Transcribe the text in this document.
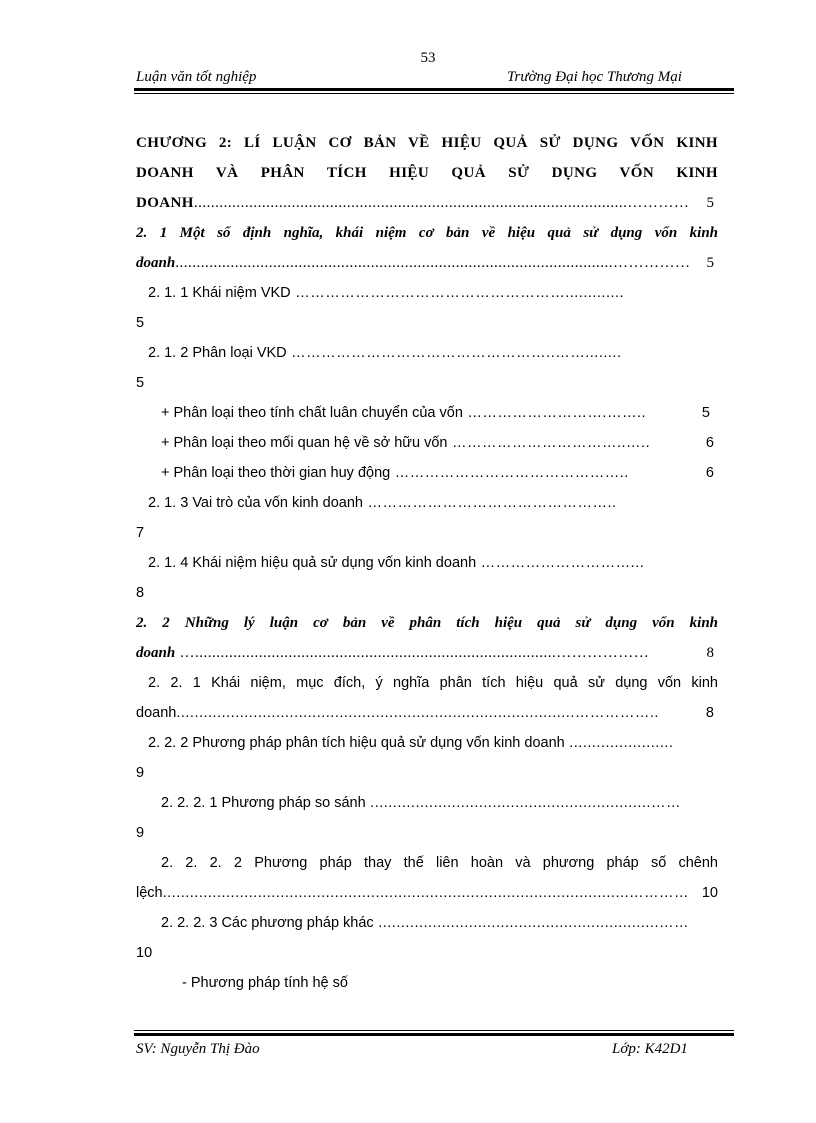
53
Luận văn tốt nghiệp	Trường Đại học Thương Mại
CHƯƠNG 2: LÍ LUẬN CƠ BẢN VỀ HIỆU QUẢ SỬ DỤNG VỐN KINH
DOANH VÀ PHÂN TÍCH HIỆU QUẢ SỬ DỤNG VỐN KINH
DOANH......................................................................................................………… 5
2. 1 Một số định nghĩa, khái niệm cơ bản về hiệu quả sử dụng vốn kinh
doanh.......................................................................................................…………… 5
2. 1. 1 Khái niệm VKD ……………………………………………….............
5
2. 1. 2 Phân loại VKD ……………………………………………..……........
5
+ Phân loại theo tính chất luân chuyển của vốn ……………………….……..	5
+ Phân loại theo mối quan hệ về sở hữu vốn ……………………………..…..	6
+ Phân loại theo thời gian huy động ………………………………………..	6
2. 1. 3 Vai trò của vốn kinh doanh …………………………………………..
7
2. 1. 4 Khái niệm hiệu quả sử dụng vốn kinh doanh …………………………...
8
2. 2 Những lý luận cơ bản về phân tích hiệu quả sử dụng vốn kinh
doanh ….....................................................................................………………	8
2. 2. 1 Khái niệm, mục đích, ý nghĩa phân tích hiệu quả sử dụng vốn kinh
doanh........................................................................................……………..	8
2. 2. 2 Phương pháp phân tích hiệu quả sử dụng vốn kinh doanh .......................
9
2. 2. 2. 1 Phương pháp so sánh ..............................................................……
9
2. 2. 2. 2 Phương pháp thay thế liên hoàn và phương pháp số chênh
lệch.......................................................................................................………… 10
2. 2. 2. 3 Các phương pháp khác ..............................................................……
10
- Phương pháp tính hệ số
SV: Nguyễn Thị Đào	Lớp: K42D1
